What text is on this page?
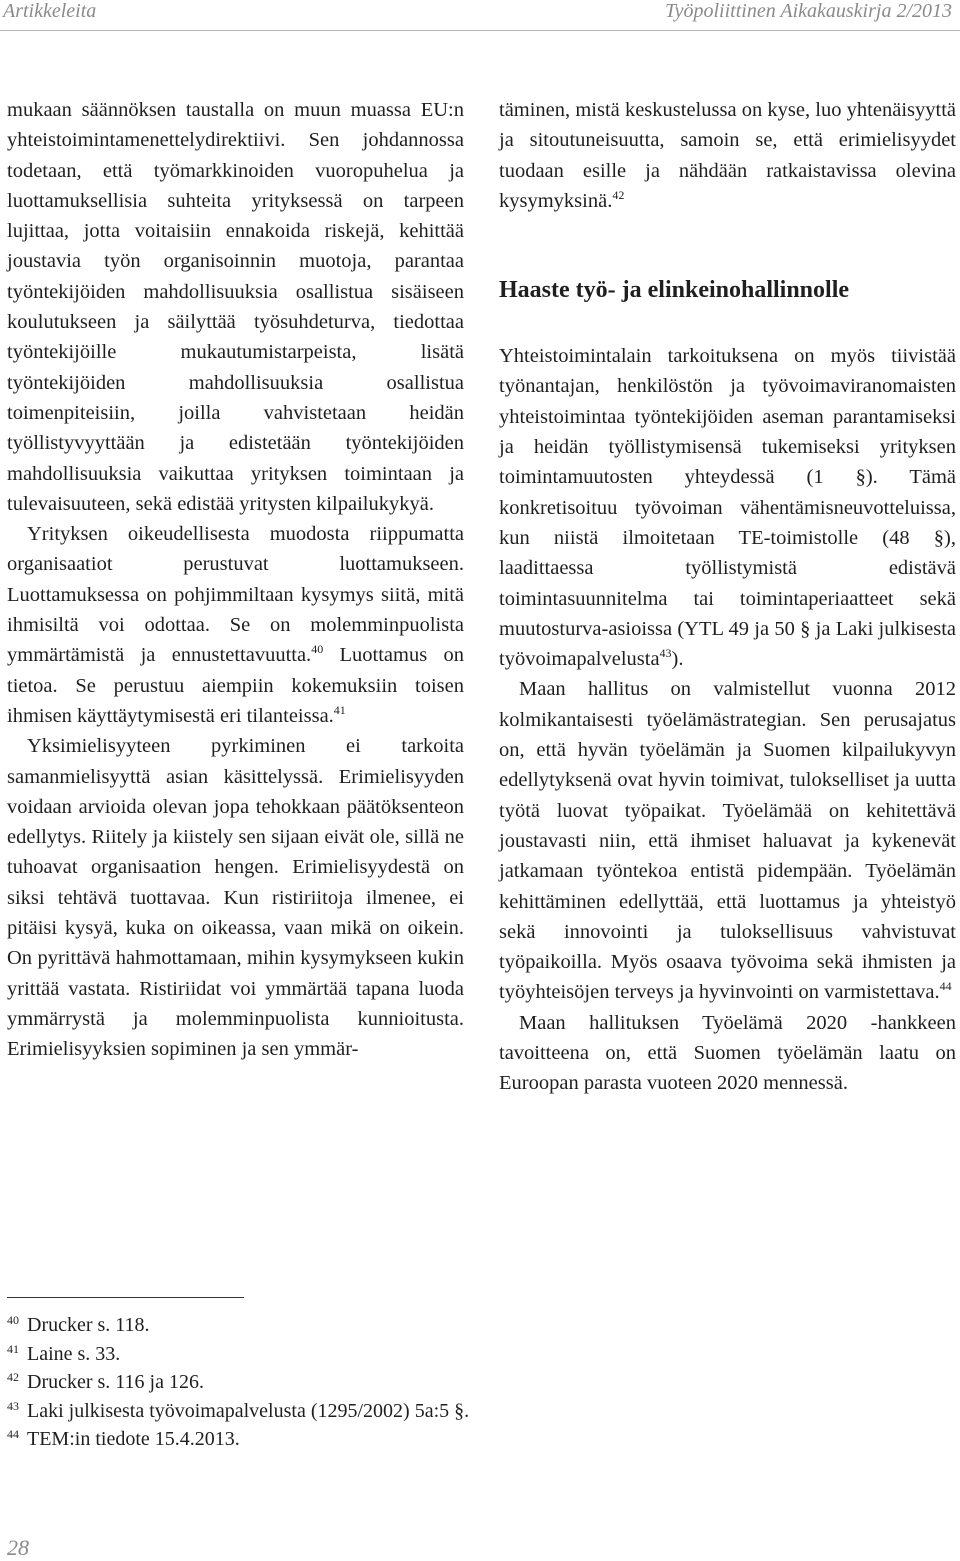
Artikkeleita	Työpoliittinen Aikakauskirja 2/2013

mukaan säännöksen taustalla on muun muassa EU:n yhteistoimintamenettelydirektiivi. Sen johdannossa todetaan, että työmarkkinoiden vuoropuhelua ja luottamuksellisia suhteita yrityksessä on tarpeen lujittaa, jotta voitaisiin ennakoida riskejä, kehittää joustavia työn organisoinnin muotoja, parantaa työntekijöiden mahdollisuuksia osallistua sisäiseen koulutukseen ja säilyttää työsuhdeturva, tiedottaa työntekijöille mukautumistarpeista, lisätä työntekijöiden mahdollisuuksia osallistua toimenpiteisiin, joilla vahvistetaan heidän työllistyvyyttään ja edistetään työntekijöiden mahdollisuuksia vaikuttaa yrityksen toimintaan ja tulevaisuuteen, sekä edistää yritysten kilpailukykyä.

Yrityksen oikeudellisesta muodosta riippumatta organisaatiot perustuvat luottamukseen. Luottamuksessa on pohjimmiltaan kysymys siitä, mitä ihmisiltä voi odottaa. Se on molemminpuolista ymmärtämistä ja ennustettavuutta.$^{40}$ Luottamus on tietoa. Se perustuu aiempiin kokemuksiin toisen ihmisen käyttäytymisestä eri tilanteissa.$^{41}$

Yksimielisyyteen pyrkiminen ei tarkoita samanmielisyyttä asian käsittelyssä. Erimielisyyden voidaan arvioida olevan jopa tehokkaan päätöksenteon edellytys. Riitely ja kiistely sen sijaan eivät ole, sillä ne tuhoavat organisaation hengen. Erimielisyydestä on siksi tehtävä tuottavaa. Kun ristiriitoja ilmenee, ei pitäisi kysyä, kuka on oikeassa, vaan mikä on oikein. On pyrittävä hahmottamaan, mihin kysymykseen kukin yrittää vastata. Ristiriidat voi ymmärtää tapana luoda ymmärrystä ja molemminpuolista kunnioitusta. Erimielisyyksien sopiminen ja sen ymmär-

täminen, mistä keskustelussa on kyse, luo yhtenäisyyttä ja sitoutuneisuutta, samoin se, että erimielisyydet tuodaan esille ja nähdään ratkaistavissa olevina kysymyksinä.$^{42}$

Haaste työ- ja elinkeinohallinnolle

Yhteistoimintalain tarkoituksena on myös tiivistää työnantajan, henkilöstön ja työvoimaviranomaisten yhteistoimintaa työntekijöiden aseman parantamiseksi ja heidän työllistymisensä tukemiseksi yrityksen toimintamuutosten yhteydessä (1 §). Tämä konkretisoituu työvoiman vähentämisneuvotteluissa, kun niistä ilmoitetaan TE-toimistolle (48 §), laadittaessa työllistymistä edistävä toimintasuunnitelma tai toimintaperiaatteet sekä muutosturva-asioissa (YTL 49 ja 50 § ja Laki julkisesta työvoimapalvelusta$^{43}$).

Maan hallitus on valmistellut vuonna 2012 kolmikantaisesti työelämästrategian. Sen perusajatus on, että hyvän työelämän ja Suomen kilpailukyvyn edellytyksenä ovat hyvin toimivat, tulokselliset ja uutta työtä luovat työpaikat. Työelämää on kehitettävä joustavasti niin, että ihmiset haluavat ja kykenevät jatkamaan työntekoa entistä pidempään. Työelämän kehittäminen edellyttää, että luottamus ja yhteistyö sekä innovointi ja tuloksellisuus vahvistuvat työpaikoilla. Myös osaava työvoima sekä ihmisten ja työyhteisöjen terveys ja hyvinvointi on varmistettava.$^{44}$

Maan hallituksen Työelämä 2020 -hankkeen tavoitteena on, että Suomen työelämän laatu on Euroopan parasta vuoteen 2020 mennessä.

$^{40}$ Drucker s. 118.

$^{41}$ Laine s. 33.

$^{42}$ Drucker s. 116 ja 126.

$^{43}$ Laki julkisesta työvoimapalvelusta (1295/2002) 5a:5 §.

$^{44}$ TEM:in tiedote 15.4.2013.

28
